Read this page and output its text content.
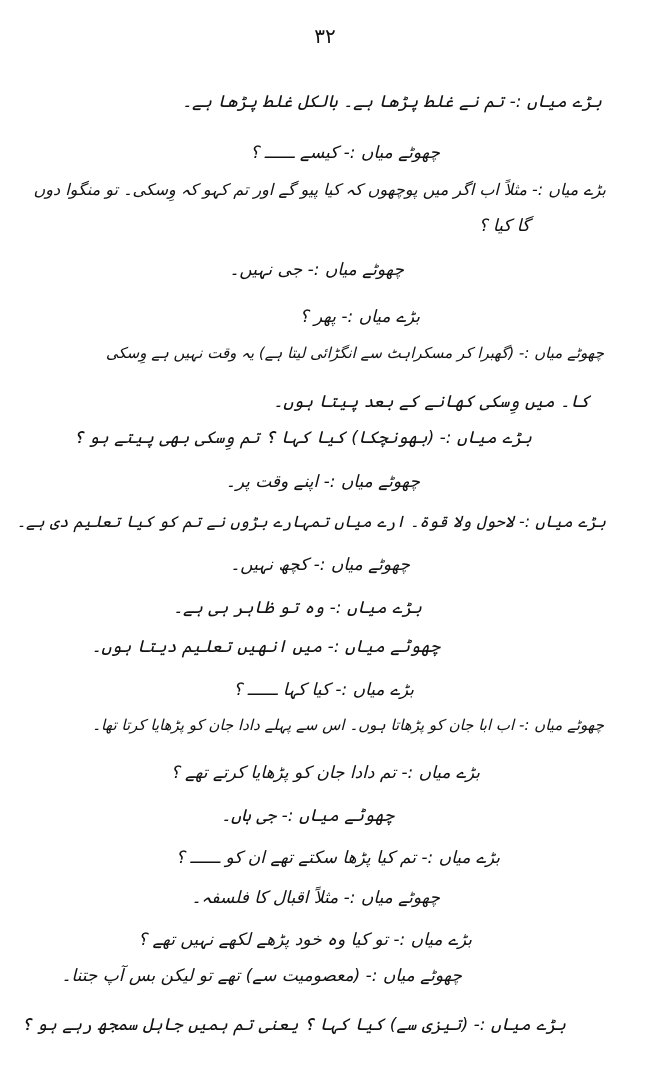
۳۲
بڑے میاں :- تم نے غلط پڑھا ہے۔ بالکل غلط پڑھا ہے۔
چھوٹے میاں :- کیسے ــــــ ؟
بڑے میاں :- مثلاً اب اگر میں پوچھوں کہ کیا پیو گے اور تم کہو کہ وِسکی۔ تو منگوا دوں
گا کیا ؟
چھوٹے میاں :- جی نہیں۔
بڑے میاں :- پھر ؟
چھوٹے میاں :- (گھبرا کر مسکراہٹ سے انگڑائی لیتا ہے) یہ وقت نہیں ہے وِسکی
کا۔ میں وِسکی کھانے کے بعد پیتا ہوں۔
بڑے میاں :- (بھونچکا) کیا کہا ؟ تم وِسکی بھی پیتے ہو ؟
چھوٹے میاں :- اپنے وقت پر۔
بڑے میاں :- لاحول ولا قوۃ۔ ارے میاں تمہارے بڑوں نے تم کو کیا تعلیم دی ہے۔
چھوٹے میاں :- کچھ نہیں۔
بڑے میاں :- وہ تو ظاہر ہی ہے۔
چھوٹے میاں :- میں انھیں تعلیم دیتا ہوں۔
بڑے میاں :- کیا کہا ــــــ ؟
چھوٹے میاں :- اب ابا جان کو پڑھاتا ہوں۔ اس سے پہلے دادا جان کو پڑھایا کرتا تھا۔
بڑے میاں :- تم دادا جان کو پڑھایا کرتے تھے ؟
چھوٹے میاں :- جی ہاں۔
بڑے میاں :- تم کیا پڑھا سکتے تھے ان کو ــــــ ؟
چھوٹے میاں :- مثلاً اقبال کا فلسفہ۔
بڑے میاں :- تو کیا وہ خود پڑھے لکھے نہیں تھے ؟
چھوٹے میاں :- (معصومیت سے) تھے تو لیکن بس آپ جتنا۔
بڑے میاں :- (تیزی سے) کیا کہا ؟ یعنی تم ہمیں جاہل سمجھ رہے ہو ؟
